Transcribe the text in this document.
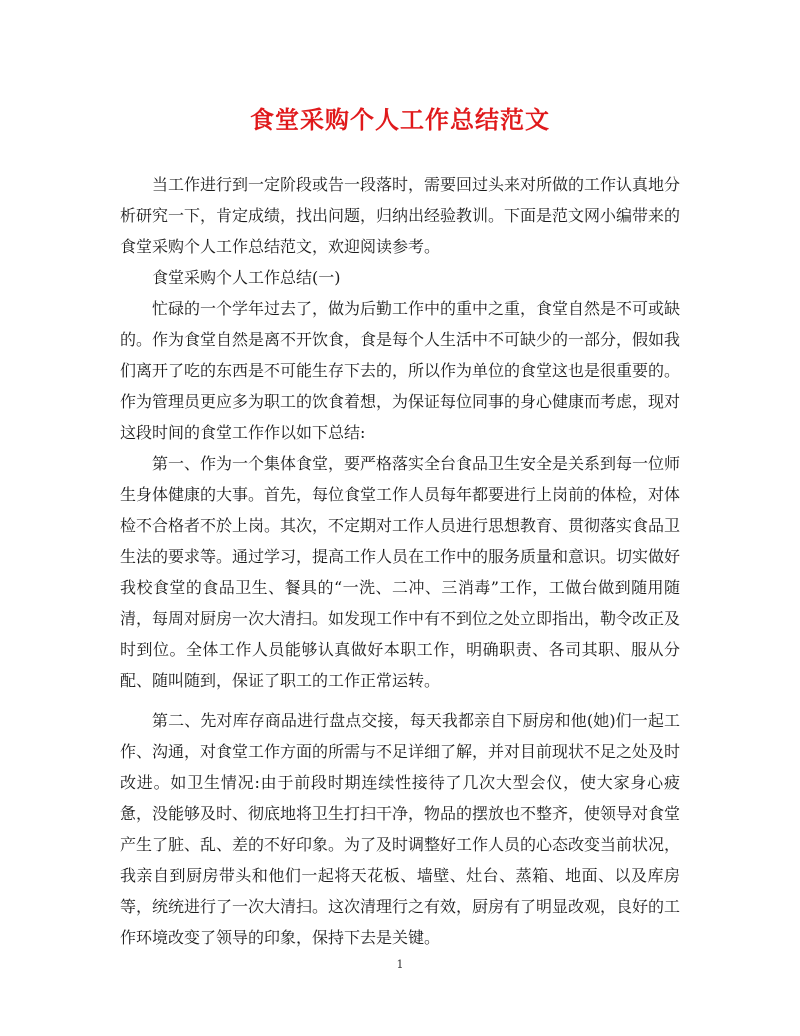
食堂采购个人工作总结范文

当工作进行到一定阶段或告一段落时，需要回过头来对所做的工作认真地分析研究一下，肯定成绩，找出问题，归纳出经验教训。下面是范文网小编带来的食堂采购个人工作总结范文，欢迎阅读参考。

食堂采购个人工作总结(一)

忙碌的一个学年过去了，做为后勤工作中的重中之重，食堂自然是不可或缺的。作为食堂自然是离不开饮食，食是每个人生活中不可缺少的一部分，假如我们离开了吃的东西是不可能生存下去的，所以作为单位的食堂这也是很重要的。作为管理员更应多为职工的饮食着想，为保证每位同事的身心健康而考虑，现对这段时间的食堂工作作以如下总结:

第一、作为一个集体食堂，要严格落实全台食品卫生安全是关系到每一位师生身体健康的大事。首先，每位食堂工作人员每年都要进行上岗前的体检，对体检不合格者不於上岗。其次，不定期对工作人员进行思想教育、贯彻落实食品卫生法的要求等。通过学习，提高工作人员在工作中的服务质量和意识。切实做好我校食堂的食品卫生、餐具的“一洗、二冲、三消毒”工作，工做台做到随用随清，每周对厨房一次大清扫。如发现工作中有不到位之处立即指出，勒令改正及时到位。全体工作人员能够认真做好本职工作，明确职责、各司其职、服从分配、随叫随到，保证了职工的工作正常运转。

第二、先对库存商品进行盘点交接，每天我都亲自下厨房和他(她)们一起工作、沟通，对食堂工作方面的所需与不足详细了解，并对目前现状不足之处及时改进。如卫生情况:由于前段时期连续性接待了几次大型会仪，使大家身心疲惫，没能够及时、彻底地将卫生打扫干净，物品的摆放也不整齐，使领导对食堂产生了脏、乱、差的不好印象。为了及时调整好工作人员的心态改变当前状况，我亲自到厨房带头和他们一起将天花板、墙壁、灶台、蒸箱、地面、以及库房等，统统进行了一次大清扫。这次清理行之有效，厨房有了明显改观，良好的工作环境改变了领导的印象，保持下去是关键。

1
